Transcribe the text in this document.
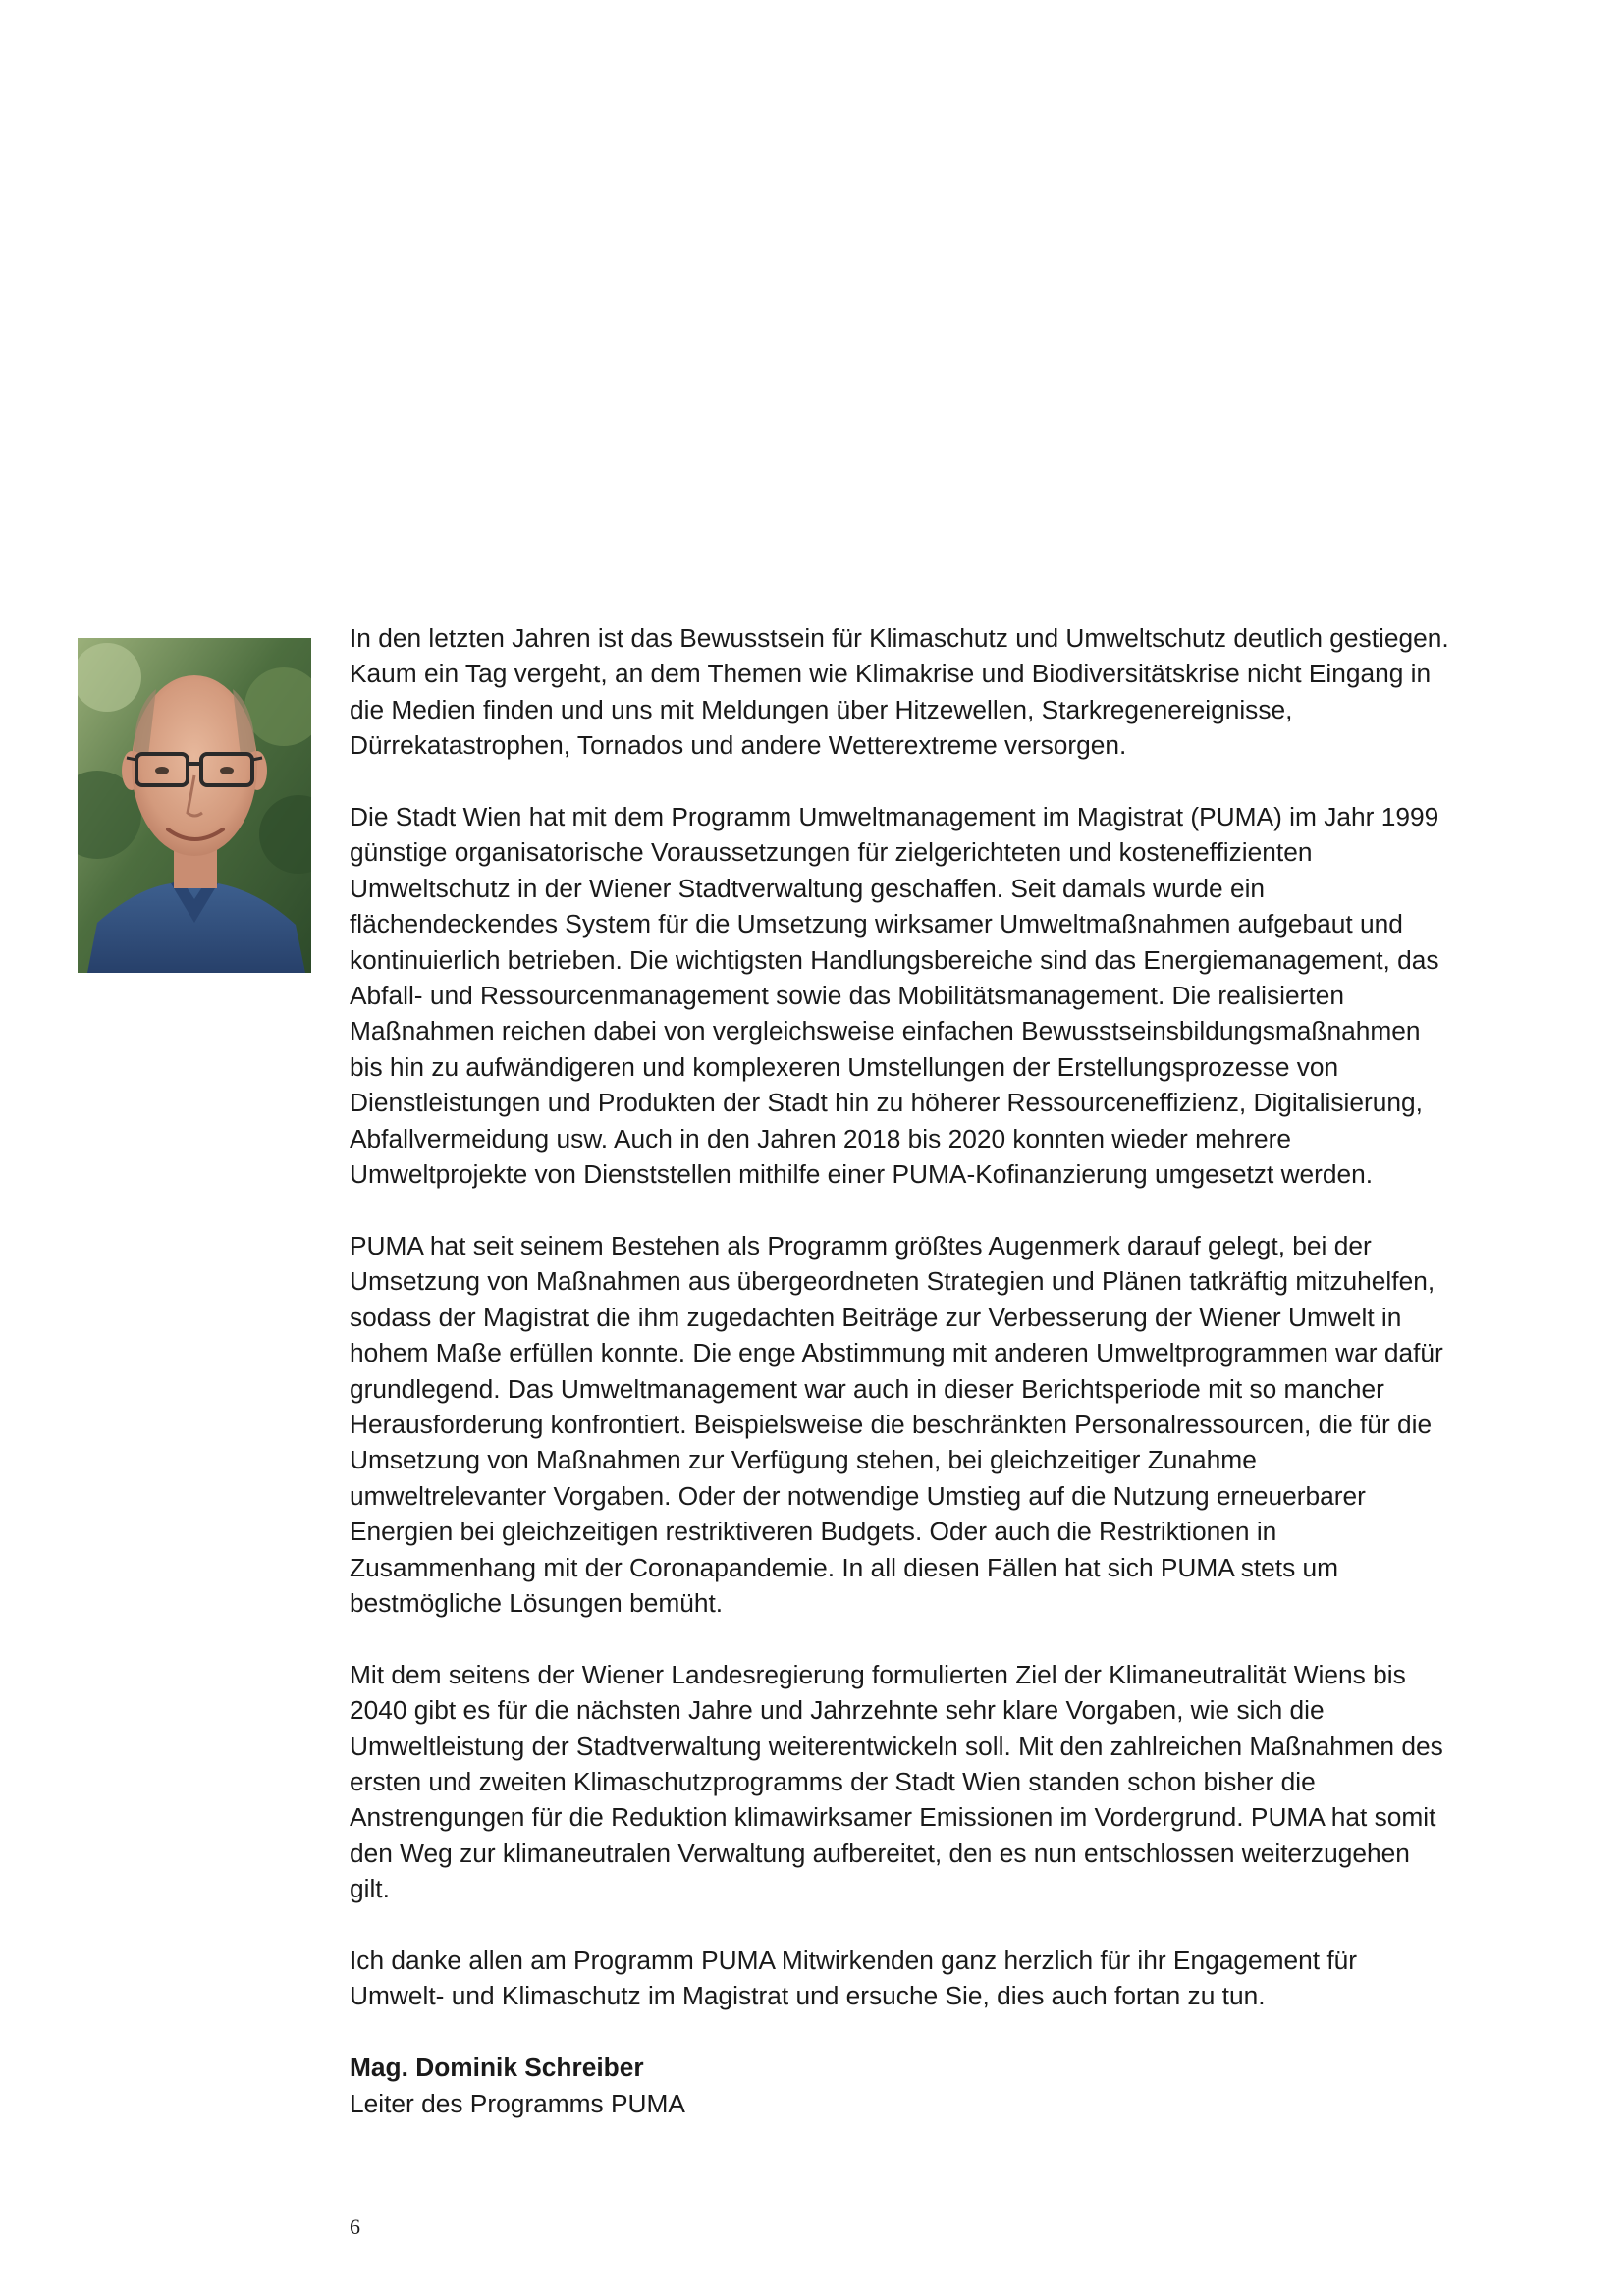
In den letzten Jahren ist das Bewusstsein für Klimaschutz und Umweltschutz deutlich gestiegen. Kaum ein Tag vergeht, an dem Themen wie Klimakrise und Biodiversitätskrise nicht Eingang in die Medien finden und uns mit Meldungen über Hitzewellen, Starkregenereignisse, Dürrekatastrophen, Tornados und andere Wetterextreme versorgen.

Die Stadt Wien hat mit dem Programm Umweltmanagement im Magistrat (PUMA) im Jahr 1999 günstige organisatorische Voraussetzungen für zielgerichteten und kosteneffizienten Umweltschutz in der Wiener Stadtverwaltung geschaffen. Seit damals wurde ein flächendeckendes System für die Umsetzung wirksamer Umweltmaßnahmen aufgebaut und kontinuierlich betrieben. Die wichtigsten Handlungsbereiche sind das Energiemanagement, das Abfall- und Ressourcenmanagement sowie das Mobilitätsmanagement. Die realisierten Maßnahmen reichen dabei von vergleichsweise einfachen Bewusstseinsbildungsmaßnahmen bis hin zu aufwändigeren und komplexeren Umstellungen der Erstellungsprozesse von Dienstleistungen und Produkten der Stadt hin zu höherer Ressourceneffizienz, Digitalisierung, Abfallvermeidung usw. Auch in den Jahren 2018 bis 2020 konnten wieder mehrere Umweltprojekte von Dienststellen mithilfe einer PUMA-Kofinanzierung umgesetzt werden.

PUMA hat seit seinem Bestehen als Programm größtes Augenmerk darauf gelegt, bei der Umsetzung von Maßnahmen aus übergeordneten Strategien und Plänen tatkräftig mitzuhelfen, sodass der Magistrat die ihm zugedachten Beiträge zur Verbesserung der Wiener Umwelt in hohem Maße erfüllen konnte. Die enge Abstimmung mit anderen Umweltprogrammen war dafür grundlegend. Das Umweltmanagement war auch in dieser Berichtsperiode mit so mancher Herausforderung konfrontiert. Beispielsweise die beschränkten Personalressourcen, die für die Umsetzung von Maßnahmen zur Verfügung stehen, bei gleichzeitiger Zunahme umweltrelevanter Vorgaben. Oder der notwendige Umstieg auf die Nutzung erneuerbarer Energien bei gleichzeitigen restriktiveren Budgets. Oder auch die Restriktionen in Zusammenhang mit der Coronapandemie. In all diesen Fällen hat sich PUMA stets um bestmögliche Lösungen bemüht.

Mit dem seitens der Wiener Landesregierung formulierten Ziel der Klimaneutralität Wiens bis 2040 gibt es für die nächsten Jahre und Jahrzehnte sehr klare Vorgaben, wie sich die Umweltleistung der Stadtverwaltung weiterentwickeln soll. Mit den zahlreichen Maßnahmen des ersten und zweiten Klimaschutzprogramms der Stadt Wien standen schon bisher die Anstrengungen für die Reduktion klimawirksamer Emissionen im Vordergrund. PUMA hat somit den Weg zur klimaneutralen Verwaltung aufbereitet, den es nun entschlossen weiterzugehen gilt.

Ich danke allen am Programm PUMA Mitwirkenden ganz herzlich für ihr Engagement für Umwelt- und Klimaschutz im Magistrat und ersuche Sie, dies auch fortan zu tun.

Mag. Dominik Schreiber
Leiter des Programms PUMA

6
